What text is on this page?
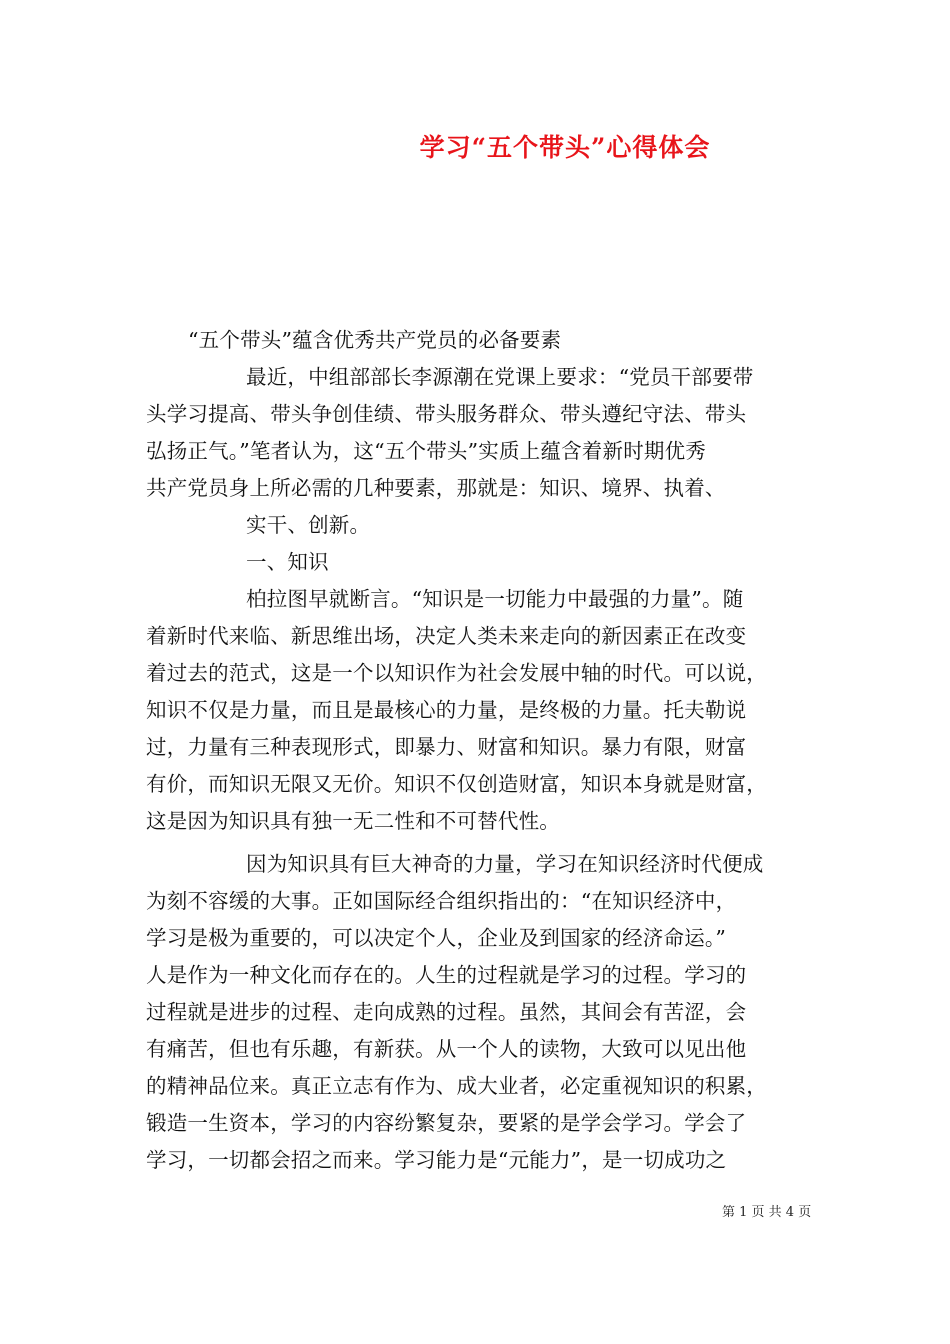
学习“五个带头”心得体会
“五个带头”蕴含优秀共产党员的必备要素
最近，中组部部长李源潮在党课上要求：“党员干部要带
头学习提高、带头争创佳绩、带头服务群众、带头遵纪守法、带头
弘扬正气。”笔者认为，这“五个带头”实质上蕴含着新时期优秀
共产党员身上所必需的几种要素，那就是：知识、境界、执着、
实干、创新。
一、知识
柏拉图早就断言。“知识是一切能力中最强的力量”。随
着新时代来临、新思维出场，决定人类未来走向的新因素正在改变
着过去的范式，这是一个以知识作为社会发展中轴的时代。可以说，
知识不仅是力量，而且是最核心的力量，是终极的力量。托夫勒说
过，力量有三种表现形式，即暴力、财富和知识。暴力有限，财富
有价，而知识无限又无价。知识不仅创造财富，知识本身就是财富，
这是因为知识具有独一无二性和不可替代性。
因为知识具有巨大神奇的力量，学习在知识经济时代便成
为刻不容缓的大事。正如国际经合组织指出的：“在知识经济中，
学习是极为重要的，可以决定个人，企业及到国家的经济命运。”
人是作为一种文化而存在的。人生的过程就是学习的过程。学习的
过程就是进步的过程、走向成熟的过程。虽然，其间会有苦涩，会
有痛苦，但也有乐趣，有新获。从一个人的读物，大致可以见出他
的精神品位来。真正立志有作为、成大业者，必定重视知识的积累，
锻造一生资本，学习的内容纷繁复杂，要紧的是学会学习。学会了
学习，一切都会招之而来。学习能力是“元能力”，是一切成功之
第 1 页 共 4 页
